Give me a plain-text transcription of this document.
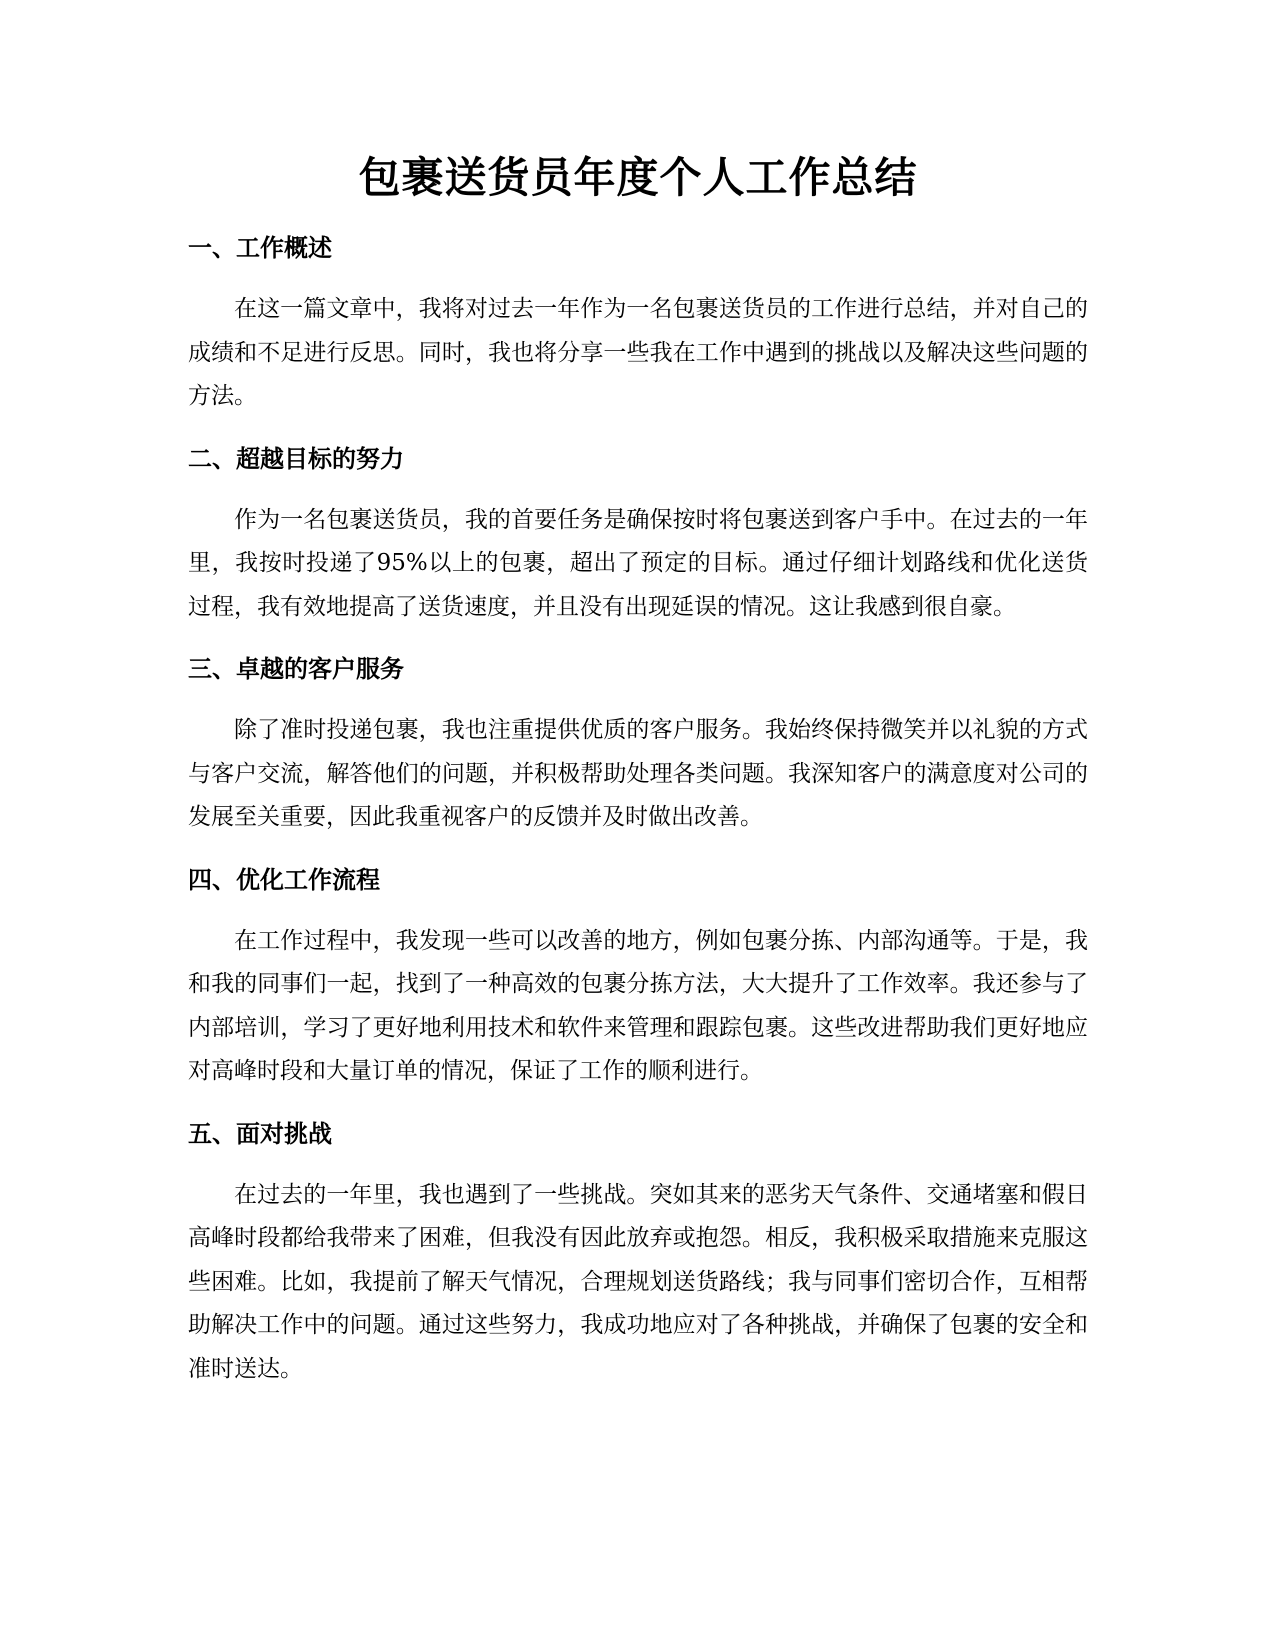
包裹送货员年度个人工作总结
一、工作概述

在这一篇文章中，我将对过去一年作为一名包裹送货员的工作进行总结，并对自己的成绩和不足进行反思。同时，我也将分享一些我在工作中遇到的挑战以及解决这些问题的方法。

二、超越目标的努力

作为一名包裹送货员，我的首要任务是确保按时将包裹送到客户手中。在过去的一年里，我按时投递了95%以上的包裹，超出了预定的目标。通过仔细计划路线和优化送货过程，我有效地提高了送货速度，并且没有出现延误的情况。这让我感到很自豪。

三、卓越的客户服务

除了准时投递包裹，我也注重提供优质的客户服务。我始终保持微笑并以礼貌的方式与客户交流，解答他们的问题，并积极帮助处理各类问题。我深知客户的满意度对公司的发展至关重要，因此我重视客户的反馈并及时做出改善。

四、优化工作流程

在工作过程中，我发现一些可以改善的地方，例如包裹分拣、内部沟通等。于是，我和我的同事们一起，找到了一种高效的包裹分拣方法，大大提升了工作效率。我还参与了内部培训，学习了更好地利用技术和软件来管理和跟踪包裹。这些改进帮助我们更好地应对高峰时段和大量订单的情况，保证了工作的顺利进行。

五、面对挑战

在过去的一年里，我也遇到了一些挑战。突如其来的恶劣天气条件、交通堵塞和假日高峰时段都给我带来了困难，但我没有因此放弃或抱怨。相反，我积极采取措施来克服这些困难。比如，我提前了解天气情况，合理规划送货路线；我与同事们密切合作，互相帮助解决工作中的问题。通过这些努力，我成功地应对了各种挑战，并确保了包裹的安全和准时送达。
